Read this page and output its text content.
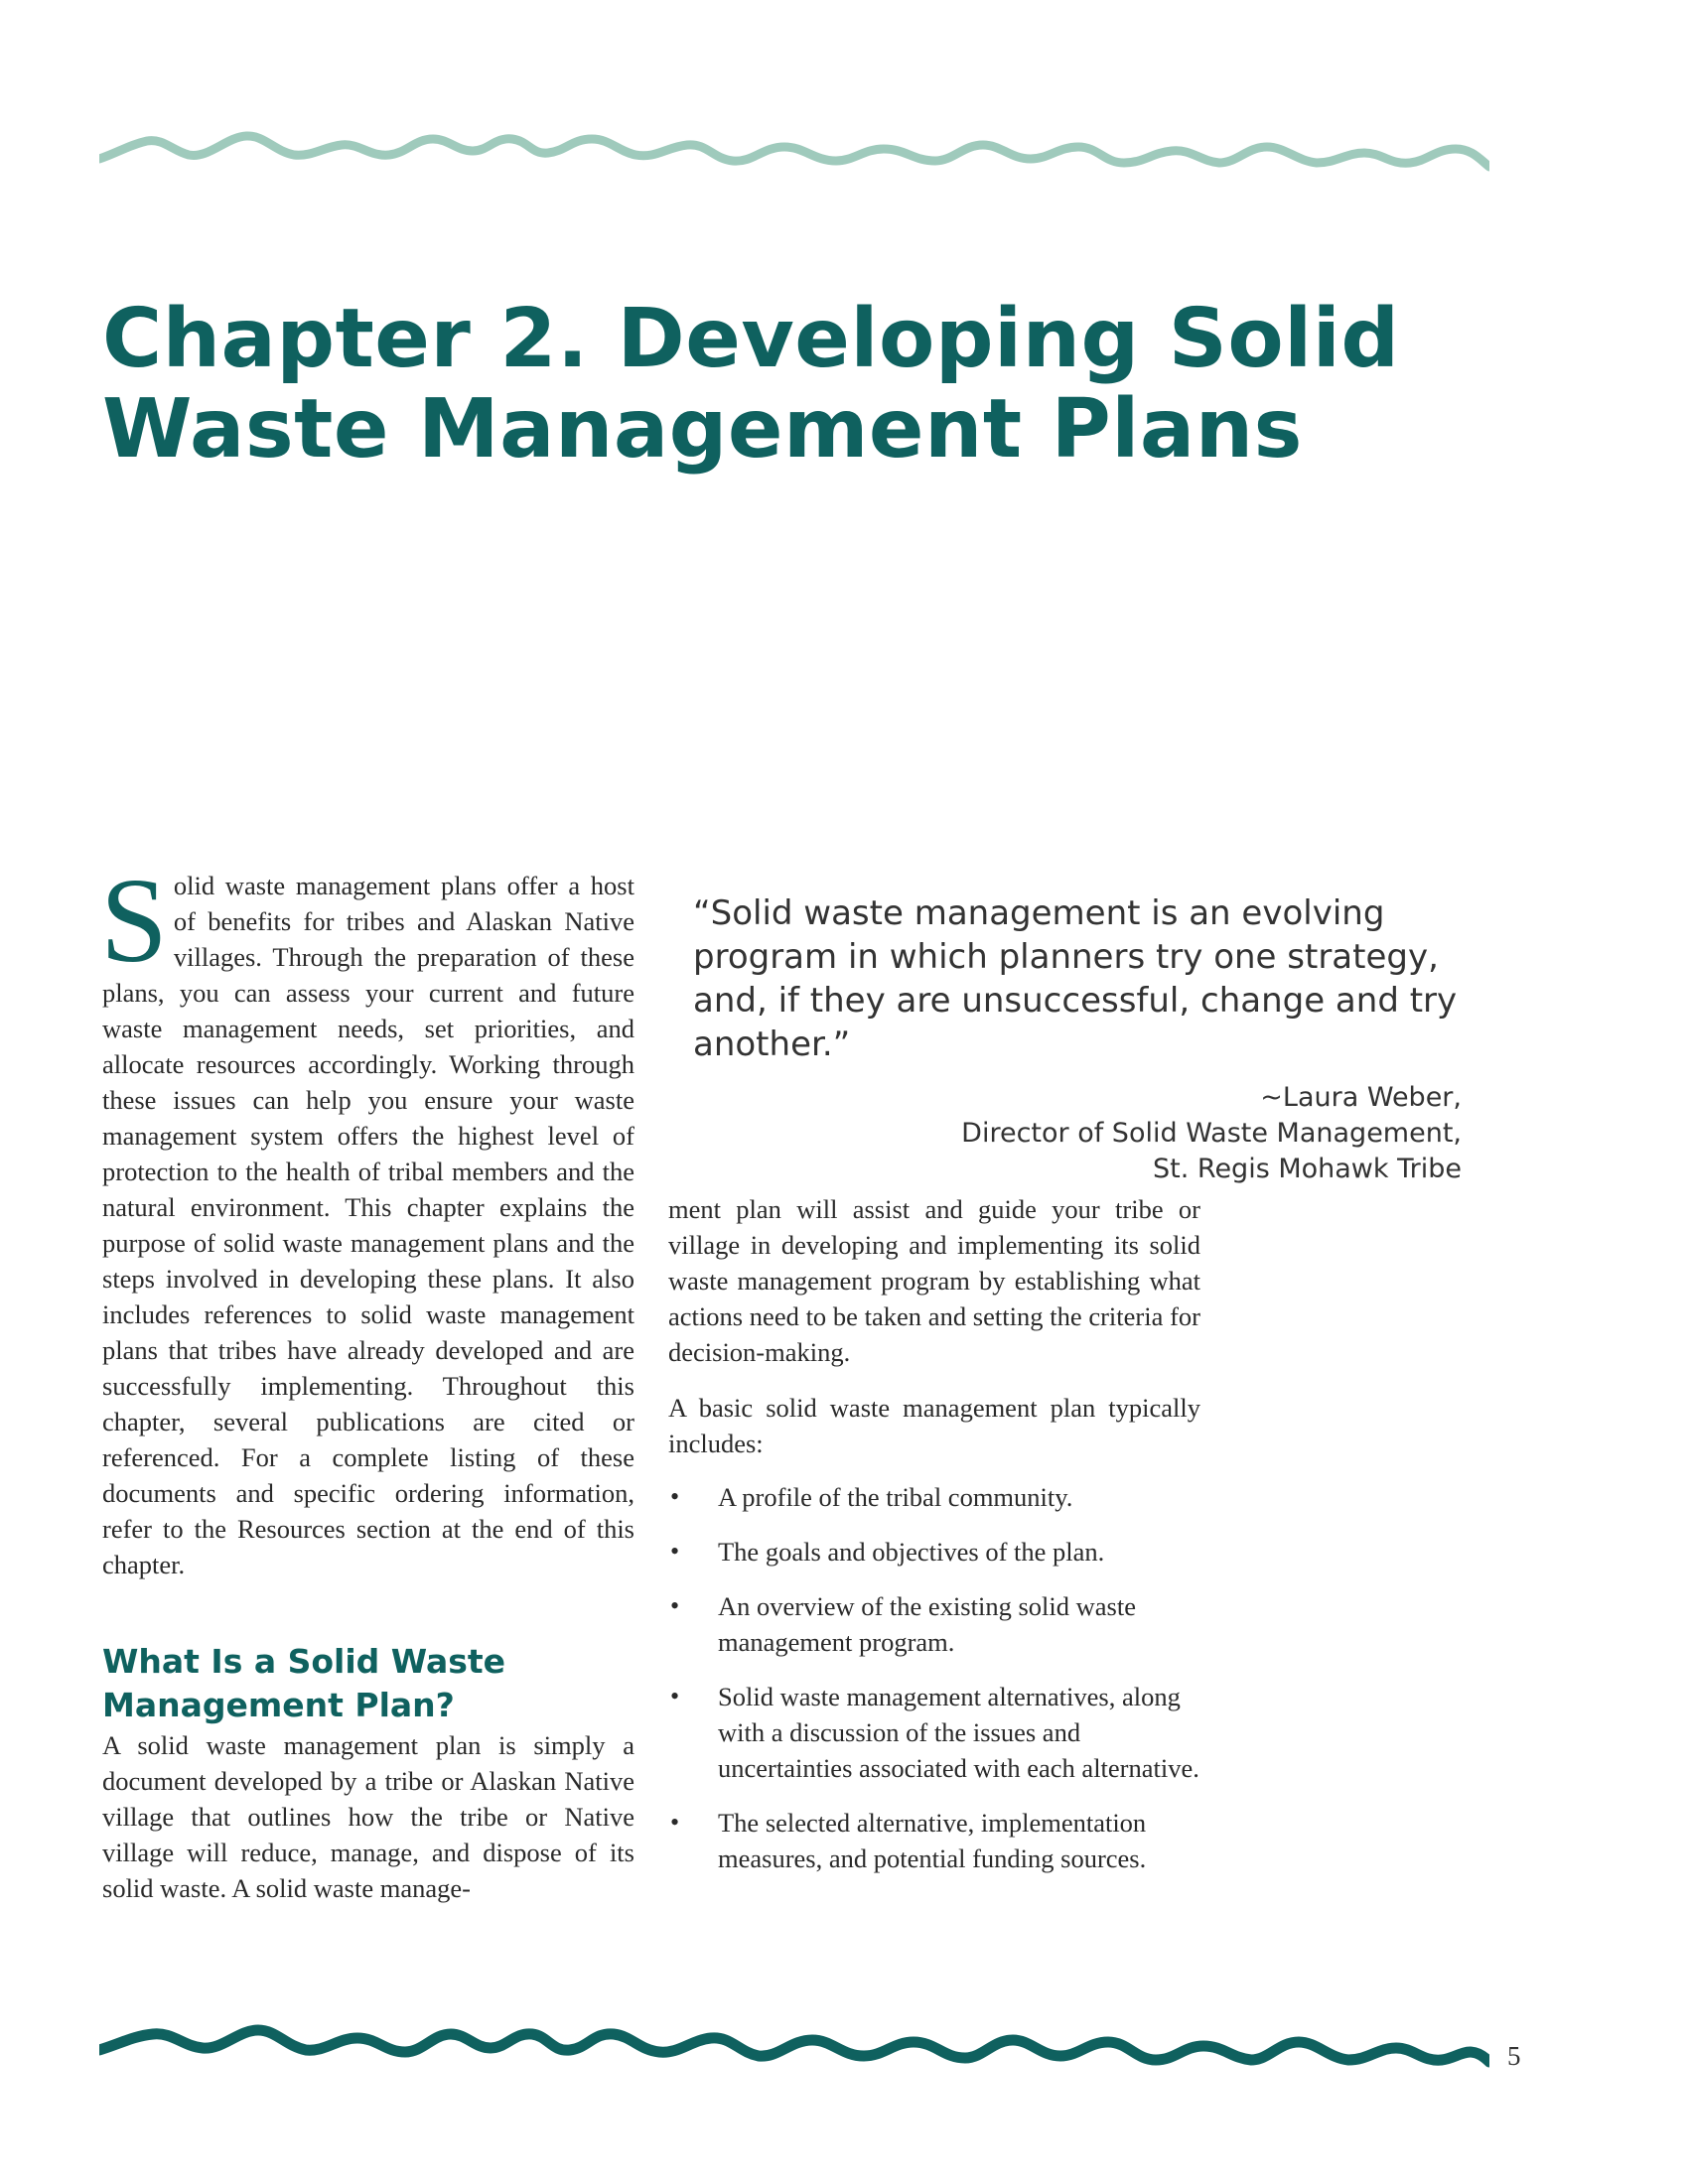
Chapter 2. Developing Solid Waste Management Plans

Solid waste management plans offer a host of benefits for tribes and Alaskan Native villages. Through the preparation of these plans, you can assess your current and future waste management needs, set priorities, and allocate resources accordingly. Working through these issues can help you ensure your waste management system offers the highest level of protection to the health of tribal members and the natural environment. This chapter explains the purpose of solid waste management plans and the steps involved in developing these plans. It also includes references to solid waste management plans that tribes have already developed and are successfully implementing. Throughout this chapter, several publications are cited or referenced. For a complete listing of these documents and specific ordering information, refer to the Resources section at the end of this chapter.

What Is a Solid Waste Management Plan?

A solid waste management plan is simply a document developed by a tribe or Alaskan Native village that outlines how the tribe or Native village will reduce, manage, and dispose of its solid waste. A solid waste manage-

“Solid waste management is an evolving program in which planners try one strategy, and, if they are unsuccessful, change and try another.”

~Laura Weber,
Director of Solid Waste Management,
St. Regis Mohawk Tribe

ment plan will assist and guide your tribe or village in developing and implementing its solid waste management program by establishing what actions need to be taken and setting the criteria for decision-making.

A basic solid waste management plan typically includes:

• A profile of the tribal community.
• The goals and objectives of the plan.
• An overview of the existing solid waste management program.
• Solid waste management alternatives, along with a discussion of the issues and uncertainties associated with each alternative.
• The selected alternative, implementation measures, and potential funding sources.
5
